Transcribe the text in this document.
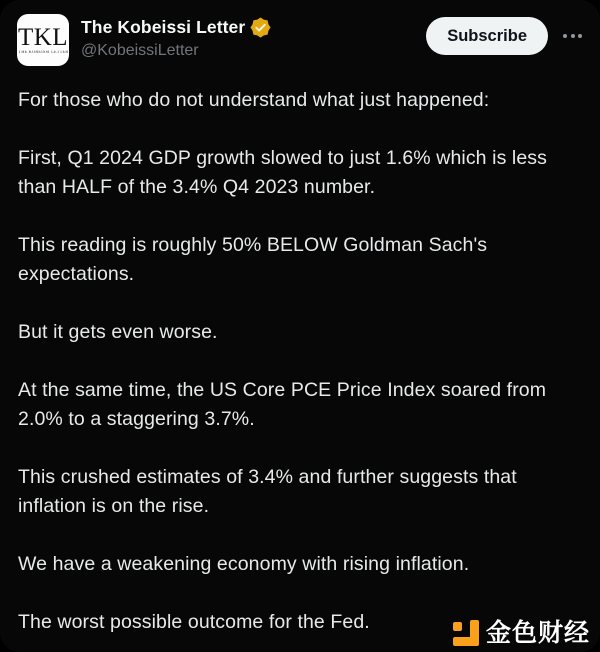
TKL
THE KOBEISSI LETTER
The Kobeissi Letter
@KobeissiLetter
Subscribe

For those who do not understand what just happened:

First, Q1 2024 GDP growth slowed to just 1.6% which is less
than HALF of the 3.4% Q4 2023 number.

This reading is roughly 50% BELOW Goldman Sach's
expectations.

But it gets even worse.

At the same time, the US Core PCE Price Index soared from
2.0% to a staggering 3.7%.

This crushed estimates of 3.4% and further suggests that
inflation is on the rise.

We have a weakening economy with rising inflation.

The worst possible outcome for the Fed.	金色财经
